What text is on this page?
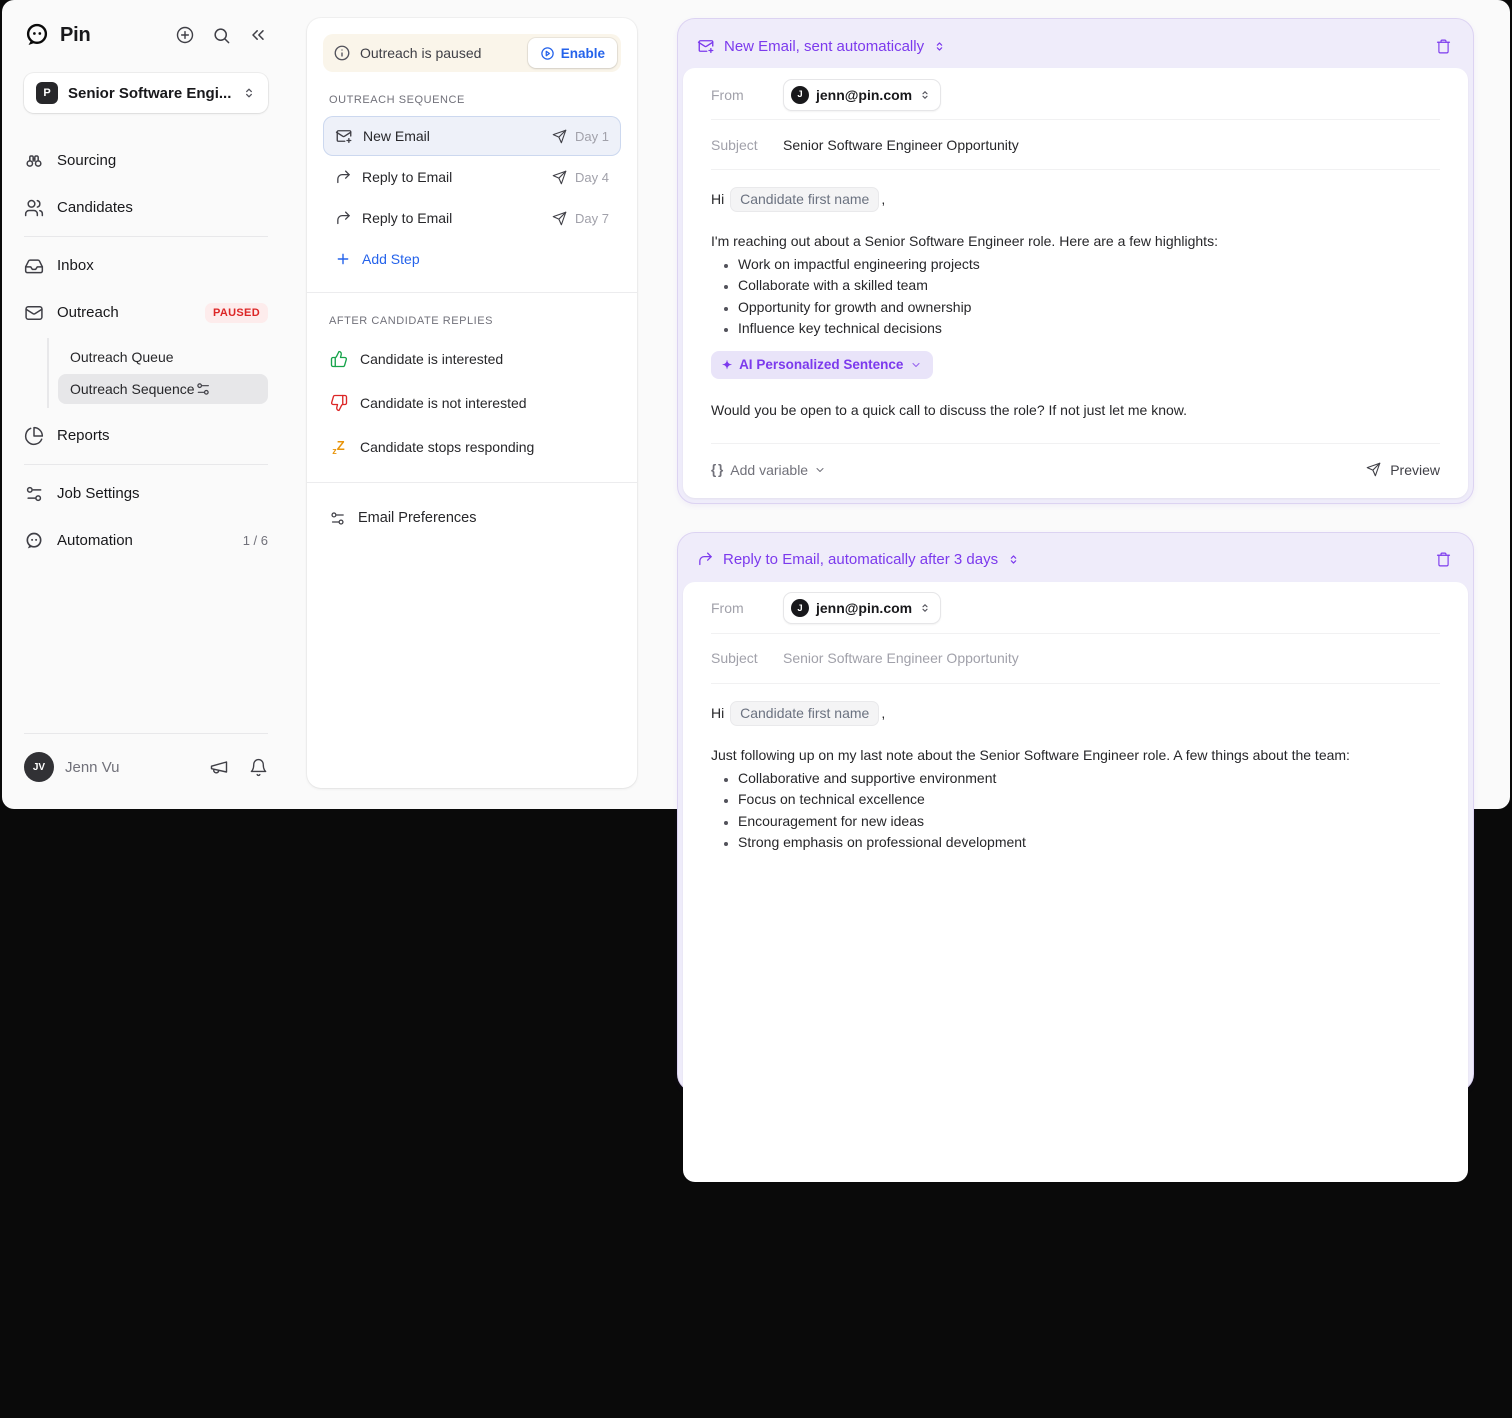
Pin
P	Senior Software Engi...
Sourcing
Candidates
Inbox
Outreach	PAUSED
Outreach Queue
Outreach Sequence
Reports
Job Settings
Automation	1 / 6
JV	Jenn Vu
Outreach is paused	Enable
OUTREACH SEQUENCE
New Email	Day 1
Reply to Email	Day 4
Reply to Email	Day 7
Add Step
AFTER CANDIDATE REPLIES
Candidate is interested
Candidate is not interested
zZ Candidate stops responding
Email Preferences
New Email, sent automatically
From	J jenn@pin.com
Subject	Senior Software Engineer Opportunity
Hi Candidate first name ,
I'm reaching out about a Senior Software Engineer role. Here are a few highlights:
• Work on impactful engineering projects
• Collaborate with a skilled team
• Opportunity for growth and ownership
• Influence key technical decisions
✦ AI Personalized Sentence
Would you be open to a quick call to discuss the role? If not just let me know.
{ } Add variable	Preview
Reply to Email, automatically after 3 days
From	J jenn@pin.com
Subject	Senior Software Engineer Opportunity
Hi Candidate first name ,
Just following up on my last note about the Senior Software Engineer role. A few things about the team:
• Collaborative and supportive environment
• Focus on technical excellence
• Encouragement for new ideas
• Strong emphasis on professional development
